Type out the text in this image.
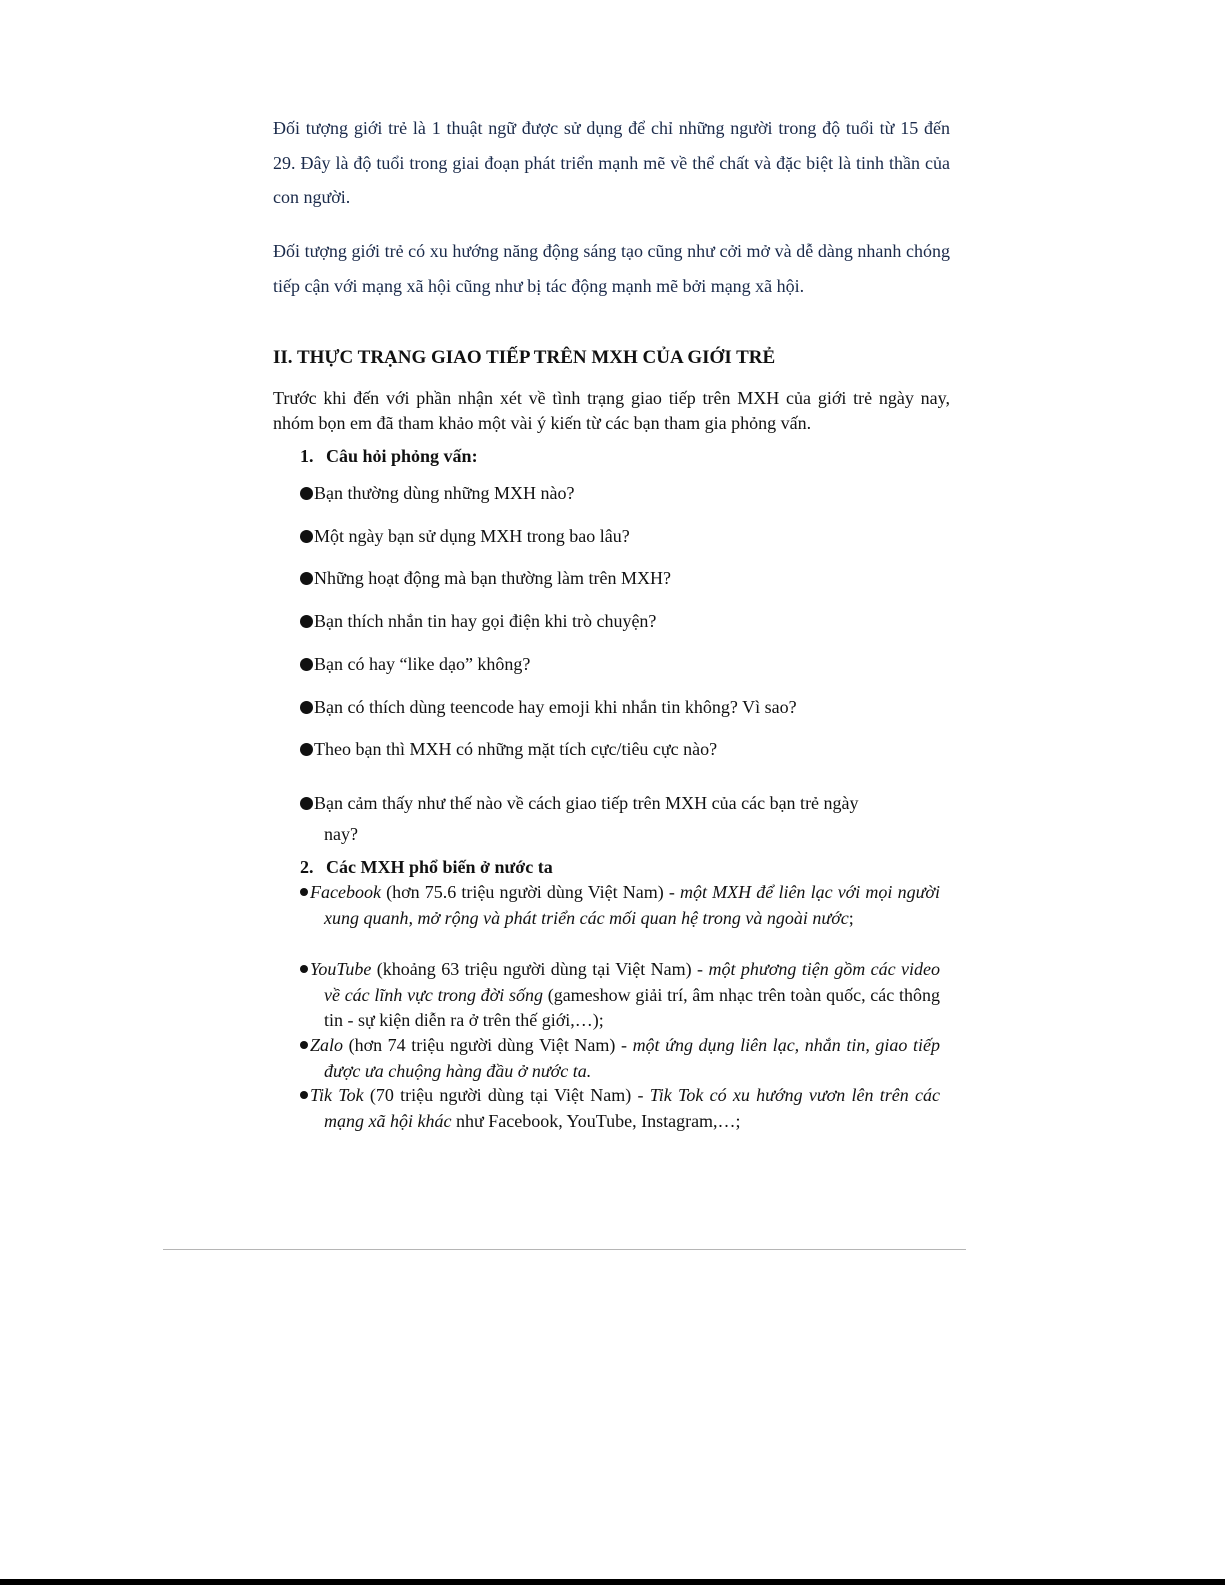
Đối tượng giới trẻ là 1 thuật ngữ được sử dụng để chỉ những người trong độ tuổi từ 15 đến 29. Đây là độ tuổi trong giai đoạn phát triển mạnh mẽ về thể chất và đặc biệt là tinh thần của con người.

Đối tượng giới trẻ có xu hướng năng động sáng tạo cũng như cởi mở và dễ dàng nhanh chóng tiếp cận với mạng xã hội cũng như bị tác động mạnh mẽ bởi mạng xã hội.

II. THỰC TRẠNG GIAO TIẾP TRÊN MXH CỦA GIỚI TRẺ

Trước khi đến với phần nhận xét về tình trạng giao tiếp trên MXH của giới trẻ ngày nay, nhóm bọn em đã tham khảo một vài ý kiến từ các bạn tham gia phỏng vấn.

1. Câu hỏi phỏng vấn:

Bạn thường dùng những MXH nào?

Một ngày bạn sử dụng MXH trong bao lâu?

Những hoạt động mà bạn thường làm trên MXH?

Bạn thích nhắn tin hay gọi điện khi trò chuyện?

Bạn có hay “like dạo” không?

Bạn có thích dùng teencode hay emoji khi nhắn tin không? Vì sao?

Theo bạn thì MXH có những mặt tích cực/tiêu cực nào?

Bạn cảm thấy như thế nào về cách giao tiếp trên MXH của các bạn trẻ ngày
nay?

2. Các MXH phổ biến ở nước ta

Facebook (hơn 75.6 triệu người dùng Việt Nam) - một MXH để liên lạc với mọi người xung quanh, mở rộng và phát triển các mối quan hệ trong và ngoài nước;

YouTube (khoảng 63 triệu người dùng tại Việt Nam) - một phương tiện gồm các video về các lĩnh vực trong đời sống (gameshow giải trí, âm nhạc trên toàn quốc, các thông tin - sự kiện diễn ra ở trên thế giới,…);

Zalo (hơn 74 triệu người dùng Việt Nam) - một ứng dụng liên lạc, nhắn tin, giao tiếp được ưa chuộng hàng đầu ở nước ta.

Tik Tok (70 triệu người dùng tại Việt Nam) - Tik Tok có xu hướng vươn lên trên các mạng xã hội khác như Facebook, YouTube, Instagram,…;
